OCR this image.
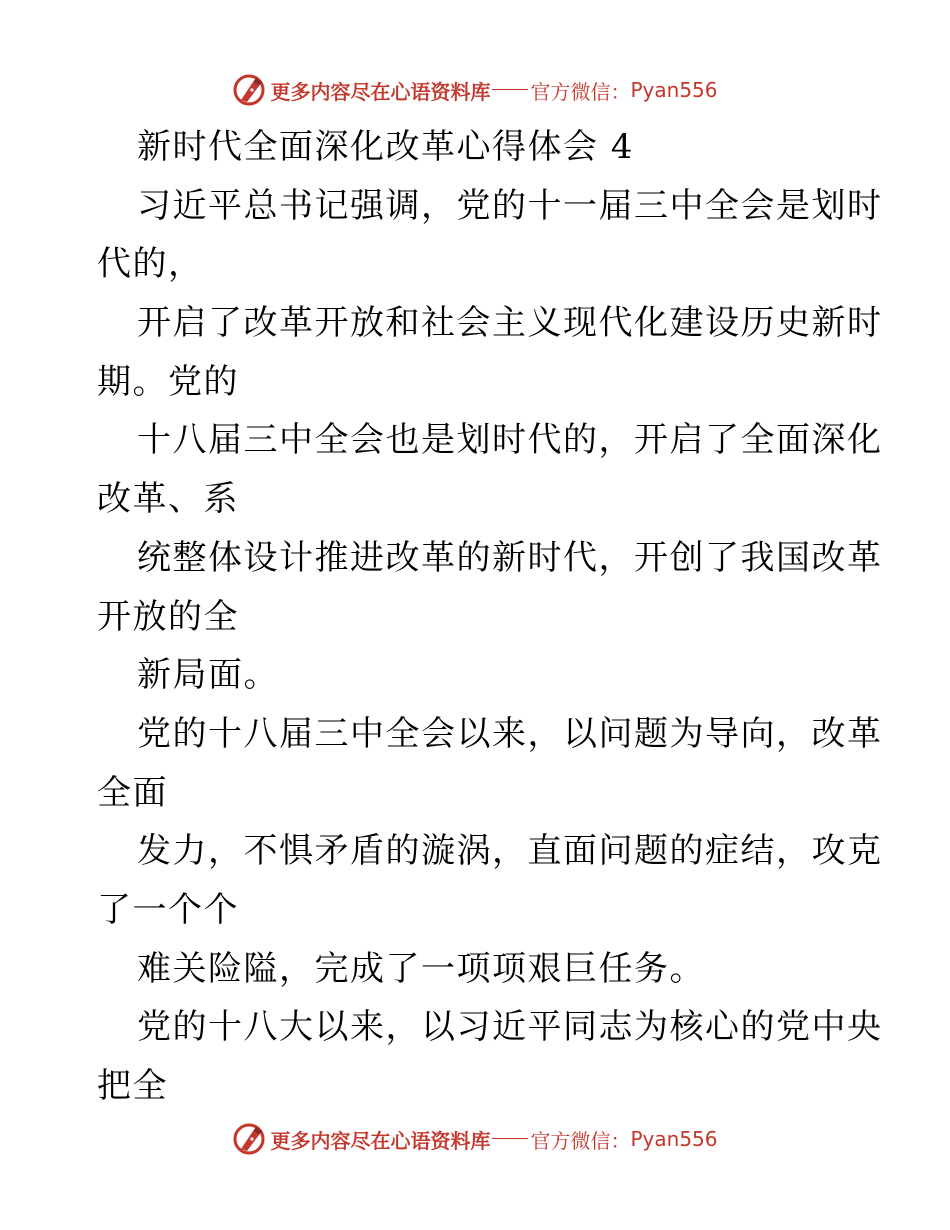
更多内容尽在心语资料库 官方微信： Pyan556
新时代全面深化改革心得体会 4
习近平总书记强调，党的十一届三中全会是划时
代的，
开启了改革开放和社会主义现代化建设历史新时
期。党的
十八届三中全会也是划时代的，开启了全面深化
改革、系
统整体设计推进改革的新时代，开创了我国改革
开放的全
新局面。
党的十八届三中全会以来，以问题为导向，改革
全面
发力，不惧矛盾的漩涡，直面问题的症结，攻克
了一个个
难关险隘，完成了一项项艰巨任务。
党的十八大以来，以习近平同志为核心的党中央
把全
更多内容尽在心语资料库 官方微信： Pyan556
